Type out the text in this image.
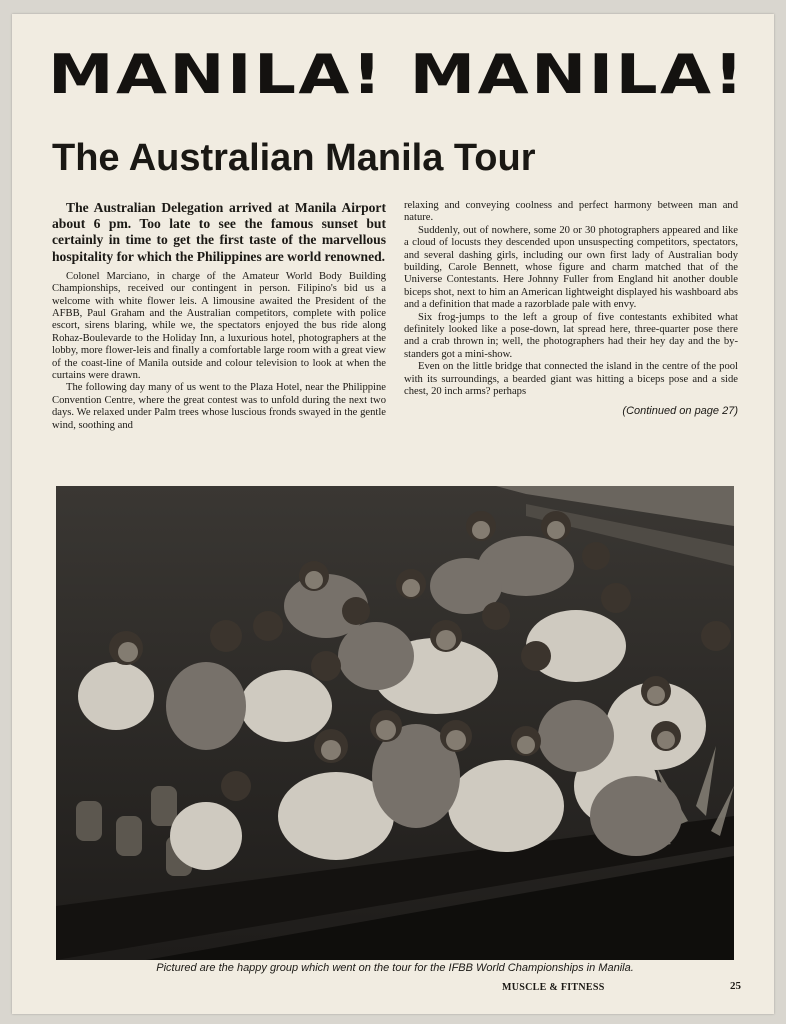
MANILA! MANILA!
The Australian Manila Tour

The Australian Delegation arrived at Manila Airport about 6 pm. Too late to see the famous sunset but certainly in time to get the first taste of the marvellous hospitality for which the Philippines are world renowned.

Colonel Marciano, in charge of the Amateur World Body Building Championships, received our contingent in person. Filipino's bid us a welcome with white flower leis. A limousine awaited the President of the AFBB, Paul Graham and the Australian competitors, complete with police escort, sirens blaring, while we, the spectators enjoyed the bus ride along Rohaz-Boulevarde to the Holiday Inn, a luxurious hotel, photographers at the lobby, more flower-leis and finally a comfortable large room with a great view of the coast-line of Manila outside and colour television to look at when the curtains were drawn.

The following day many of us went to the Plaza Hotel, near the Philippine Convention Centre, where the great contest was to unfold during the next two days. We relaxed under Palm trees whose luscious fronds swayed in the gentle wind, soothing and

relaxing and conveying coolness and perfect harmony between man and nature.

Suddenly, out of nowhere, some 20 or 30 photographers appeared and like a cloud of locusts they descended upon unsuspecting competitors, spectators, and several dashing girls, including our own first lady of Australian body building, Carole Bennett, whose figure and charm matched that of the Universe Contestants. Here Johnny Fuller from England hit another double biceps shot, next to him an American lightweight displayed his washboard abs and a definition that made a razorblade pale with envy.

Six frog-jumps to the left a group of five contestants exhibited what definitely looked like a pose-down, lat spread here, three-quarter pose there and a crab thrown in; well, the photographers had their hey day and the by-standers got a mini-show.

Even on the little bridge that connected the island in the centre of the pool with its surroundings, a bearded giant was hitting a biceps pose and a side chest, 20 inch arms? perhaps

(Continued on page 27)

Pictured are the happy group which went on the tour for the IFBB World Championships in Manila.

MUSCLE & FITNESS	25
